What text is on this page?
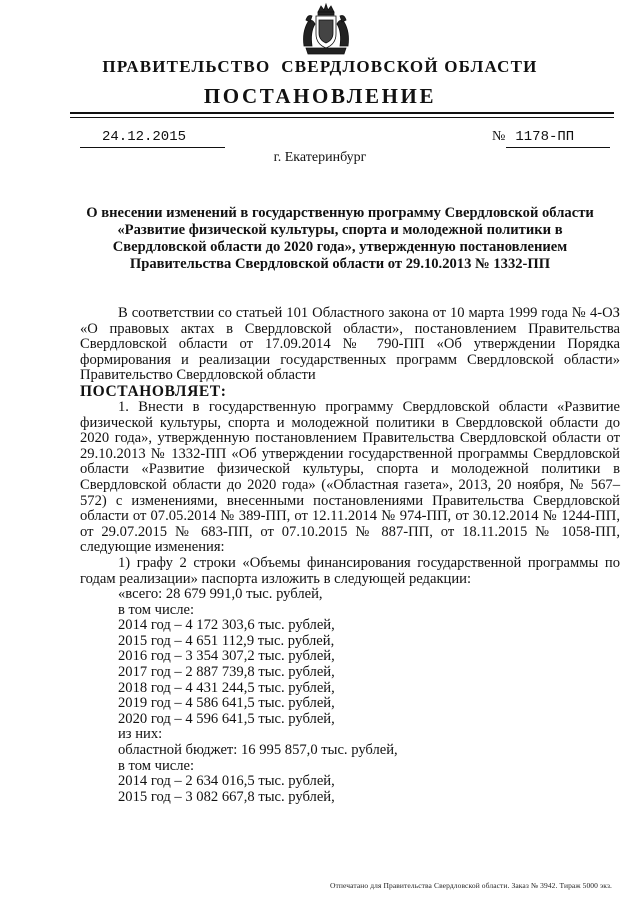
ПРАВИТЕЛЬСТВО  СВЕРДЛОВСКОЙ ОБЛАСТИ
ПОСТАНОВЛЕНИЕ
24.12.2015	№ 1178-ПП
г. Екатеринбург
О внесении изменений в государственную программу Свердловской области
«Развитие физической культуры, спорта и молодежной политики в
Свердловской области до 2020 года», утвержденную постановлением
Правительства Свердловской области от 29.10.2013 № 1332-ПП

В соответствии со статьей 101 Областного закона от 10 марта 1999 года № 4-ОЗ «О правовых актах в Свердловской области», постановлением Правительства Свердловской области от 17.09.2014 № 790-ПП «Об утверждении Порядка формирования и реализации государственных программ Свердловской области» Правительство Свердловской области

ПОСТАНОВЛЯЕТ:

1. Внести в государственную программу Свердловской области «Развитие физической культуры, спорта и молодежной политики в Свердловской области до 2020 года», утвержденную постановлением Правительства Свердловской области от 29.10.2013 № 1332-ПП «Об утверждении государственной программы Свердловской области «Развитие физической культуры, спорта и молодежной политики в Свердловской области до 2020 года» («Областная газета», 2013, 20 ноября, № 567–572) с изменениями, внесенными постановлениями Правительства Свердловской области от 07.05.2014 № 389-ПП, от 12.11.2014 № 974-ПП, от 30.12.2014 № 1244-ПП, от 29.07.2015 № 683-ПП, от 07.10.2015 № 887-ПП, от 18.11.2015 № 1058-ПП, следующие изменения:

1) графу 2 строки «Объемы финансирования государственной программы по годам реализации» паспорта изложить в следующей редакции:

«всего: 28 679 991,0 тыс. рублей,
в том числе:
2014 год – 4 172 303,6 тыс. рублей,
2015 год – 4 651 112,9 тыс. рублей,
2016 год – 3 354 307,2 тыс. рублей,
2017 год – 2 887 739,8 тыс. рублей,
2018 год – 4 431 244,5 тыс. рублей,
2019 год – 4 586 641,5 тыс. рублей,
2020 год – 4 596 641,5 тыс. рублей,
из них:
областной бюджет: 16 995 857,0 тыс. рублей,
в том числе:
2014 год – 2 634 016,5 тыс. рублей,
2015 год – 3 082 667,8 тыс. рублей,
Отпечатано для Правительства Свердловской области. Заказ № 3942. Тираж 5000 экз.
